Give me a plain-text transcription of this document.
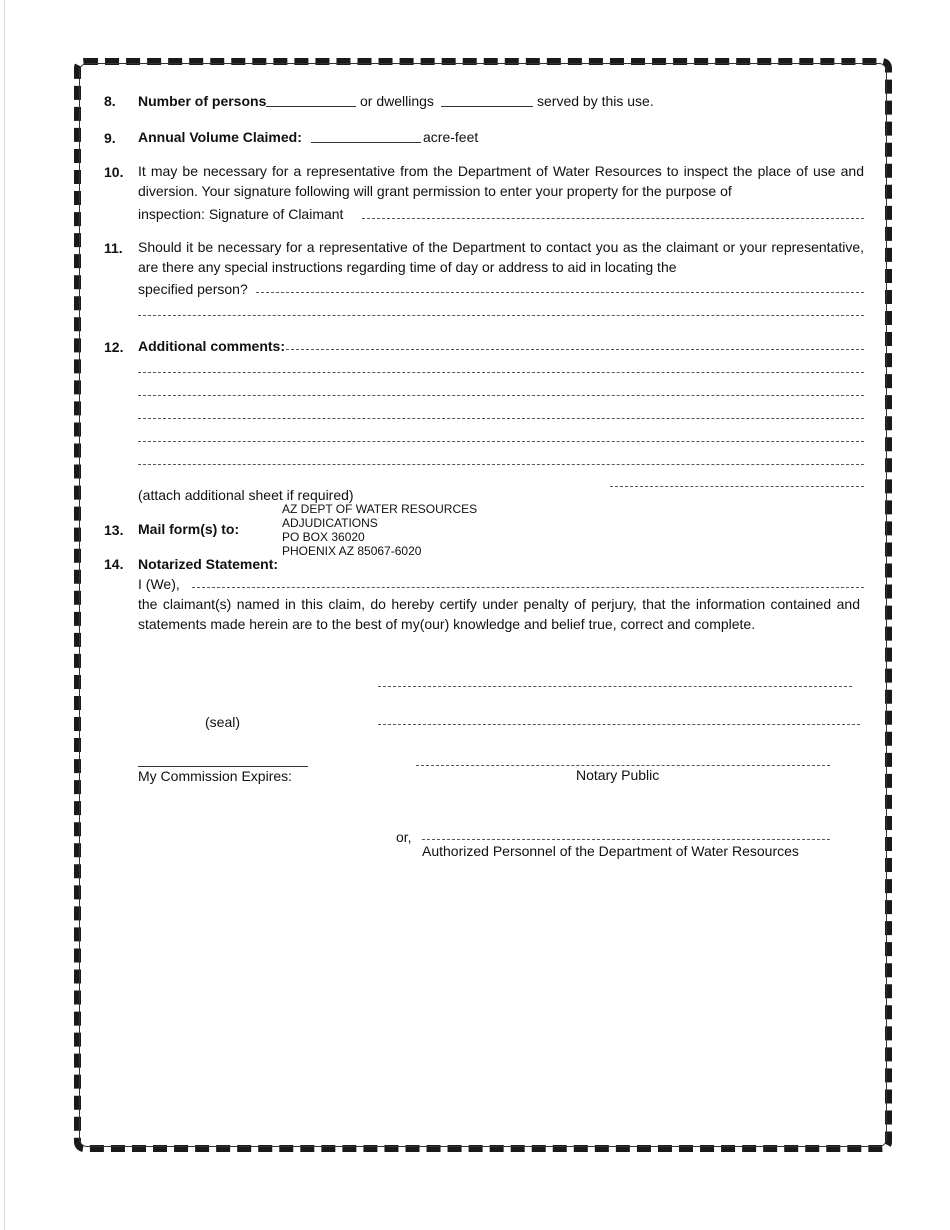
8. Number of persons	or dwellings	served by this use.
9. Annual Volume Claimed:	acre-feet
10. It may be necessary for a representative from the Department of Water Resources to inspect the place of use and diversion. Your signature following will grant permission to enter your property for the purpose of
inspection: Signature of Claimant
11. Should it be necessary for a representative of the Department to contact you as the claimant or your representative, are there any special instructions regarding time of day or address to aid in locating the
specified person?
12. Additional comments:
(attach additional sheet if required)
13. Mail form(s) to:
AZ DEPT OF WATER RESOURCES
ADJUDICATIONS
PO BOX 36020
PHOENIX AZ 85067-6020
14. Notarized Statement:
I (We),
the claimant(s) named in this claim, do hereby certify under penalty of perjury, that the information contained and statements made herein are to the best of my(our) knowledge and belief true, correct and complete.
(seal)
My Commission Expires:	Notary Public
or,
Authorized Personnel of the Department of Water Resources
